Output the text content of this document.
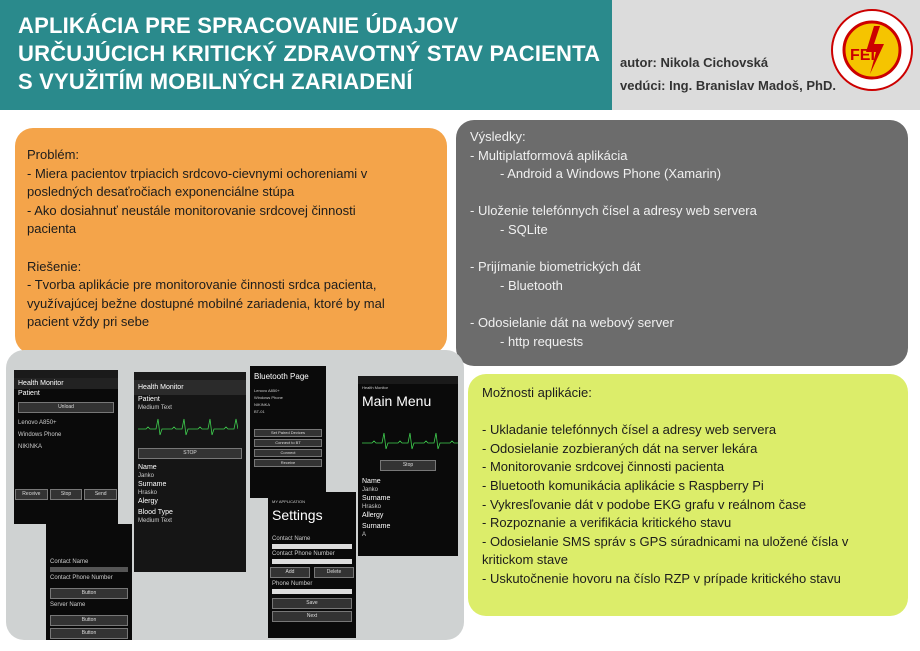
APLIKÁCIA PRE SPRACOVANIE ÚDAJOV URČUJÚCICH KRITICKÝ ZDRAVOTNÝ STAV PACIENTA S VYUŽITÍM MOBILNÝCH ZARIADENÍ
autor: Nikola Cichovská
vedúci: Ing. Branislav Madoš, PhD.
FEI
Problém:
- Miera pacientov trpiacich srdcovo-cievnymi ochoreniami v
posledných desaťročiach exponenciálne stúpa
- Ako dosiahnuť neustále monitorovanie srdcovej činnosti
pacienta
Riešenie:
- Tvorba aplikácie pre monitorovanie činnosti srdca pacienta,
využívajúcej bežne dostupné mobilné zariadenia, ktoré by mal
pacient vždy pri sebe
Výsledky:
- Multiplatformová aplikácia
- Android a Windows Phone (Xamarin)
- Uloženie telefónnych čísel a adresy web servera
- SQLite
- Prijímanie biometrických dát
- Bluetooth
- Odosielanie dát na webový server
- http requests
Health Monitor
Patient
Unload
Lenovo A850+
Windows Phone
NIKINKA
Receive	Stop	Send
Contact Name
Contact Phone Number
Button
Server Name
Button
Button
Health Monitor
Patient
Medium Text
STOP
Name
Janko
Surname
Hrasko
Alergy
Blood Type
Medium Text
Bluetooth Page
Lenovo A850+
Windows Phone
NIKINKA
BT-01
Set Paired Devices
Connect to BT
Connect
Receive
MY APPLICATION
Settings
Contact Name
Contact Phone Number
Add	Delete
Phone Number
Save
Next
Health Monitor
Main Menu
Stop
Name
Janko
Surname
Hrasko
Allergy
Surname
A
Možnosti aplikácie:
- Ukladanie telefónnych čísel a adresy web servera
- Odosielanie zozbieraných dát na server lekára
- Monitorovanie srdcovej činnosti pacienta
- Bluetooth komunikácia aplikácie s Raspberry Pi
- Vykresľovanie dát v podobe EKG grafu v reálnom čase
- Rozpoznanie a verifikácia kritického stavu
- Odosielanie SMS správ s GPS súradnicami na uložené čísla v kritickom stave
- Uskutočnenie hovoru na číslo RZP v prípade kritického stavu
